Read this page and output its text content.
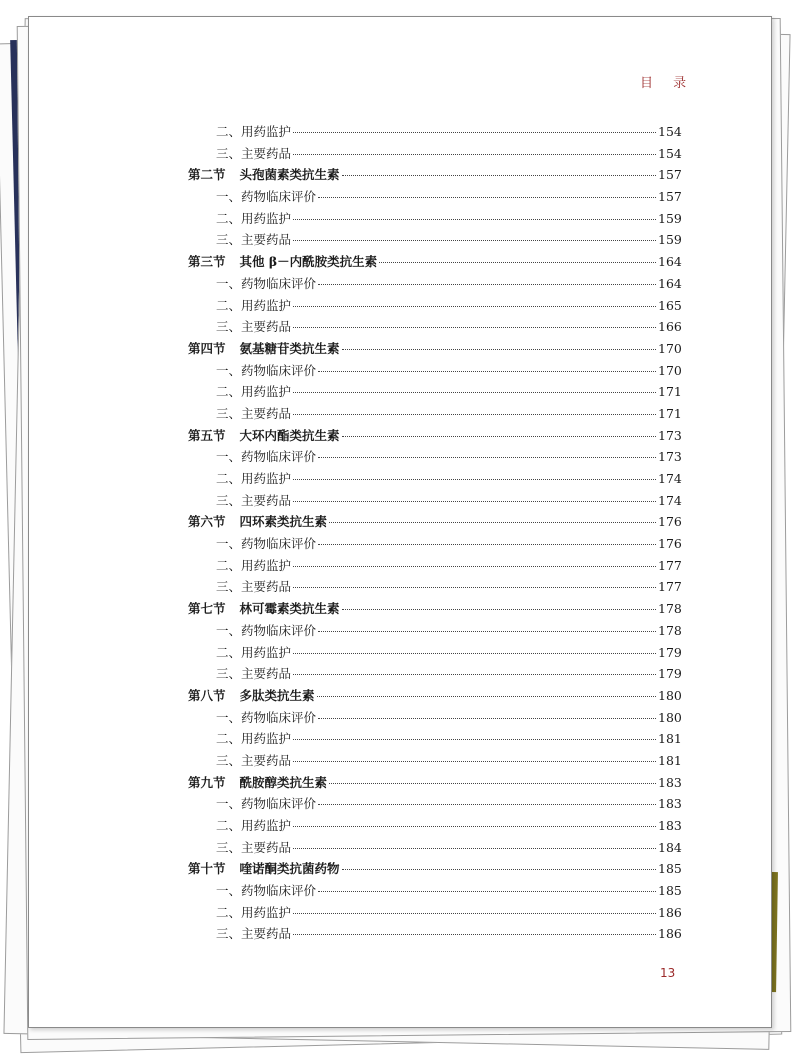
目 录
二、用药监护	154
三、主要药品	154
第二节 头孢菌素类抗生素	157
一、药物临床评价	157
二、用药监护	159
三、主要药品	159
第三节 其他 β－内酰胺类抗生素	164
一、药物临床评价	164
二、用药监护	165
三、主要药品	166
第四节 氨基糖苷类抗生素	170
一、药物临床评价	170
二、用药监护	171
三、主要药品	171
第五节 大环内酯类抗生素	173
一、药物临床评价	173
二、用药监护	174
三、主要药品	174
第六节 四环素类抗生素	176
一、药物临床评价	176
二、用药监护	177
三、主要药品	177
第七节 林可霉素类抗生素	178
一、药物临床评价	178
二、用药监护	179
三、主要药品	179
第八节 多肽类抗生素	180
一、药物临床评价	180
二、用药监护	181
三、主要药品	181
第九节 酰胺醇类抗生素	183
一、药物临床评价	183
二、用药监护	183
三、主要药品	184
第十节 喹诺酮类抗菌药物	185
一、药物临床评价	185
二、用药监护	186
三、主要药品	186
13
